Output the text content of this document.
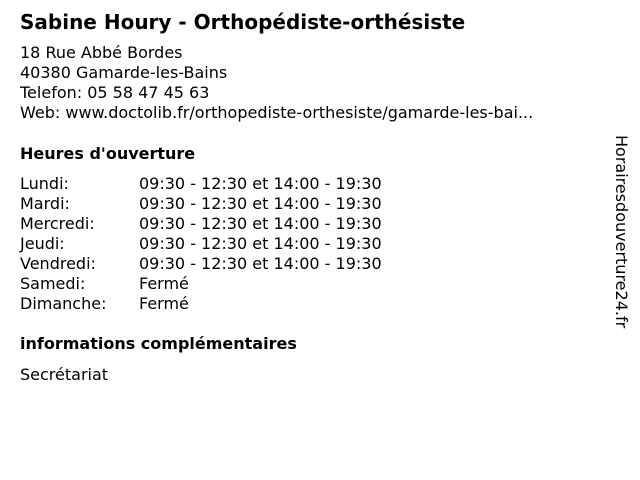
Sabine Houry - Orthopédiste-orthésiste
18 Rue Abbé Bordes
40380 Gamarde-les-Bains
Telefon: 05 58 47 45 63
Web: www.doctolib.fr/orthopediste-orthesiste/gamarde-les-bai...
Heures d'ouverture
Lundi:	09:30 - 12:30 et 14:00 - 19:30
Mardi:	09:30 - 12:30 et 14:00 - 19:30
Mercredi:	09:30 - 12:30 et 14:00 - 19:30
Jeudi:	09:30 - 12:30 et 14:00 - 19:30
Vendredi:	09:30 - 12:30 et 14:00 - 19:30
Samedi:	Fermé
Dimanche:	Fermé
informations complémentaires
Secrétariat
Horairesdouverture24.fr
